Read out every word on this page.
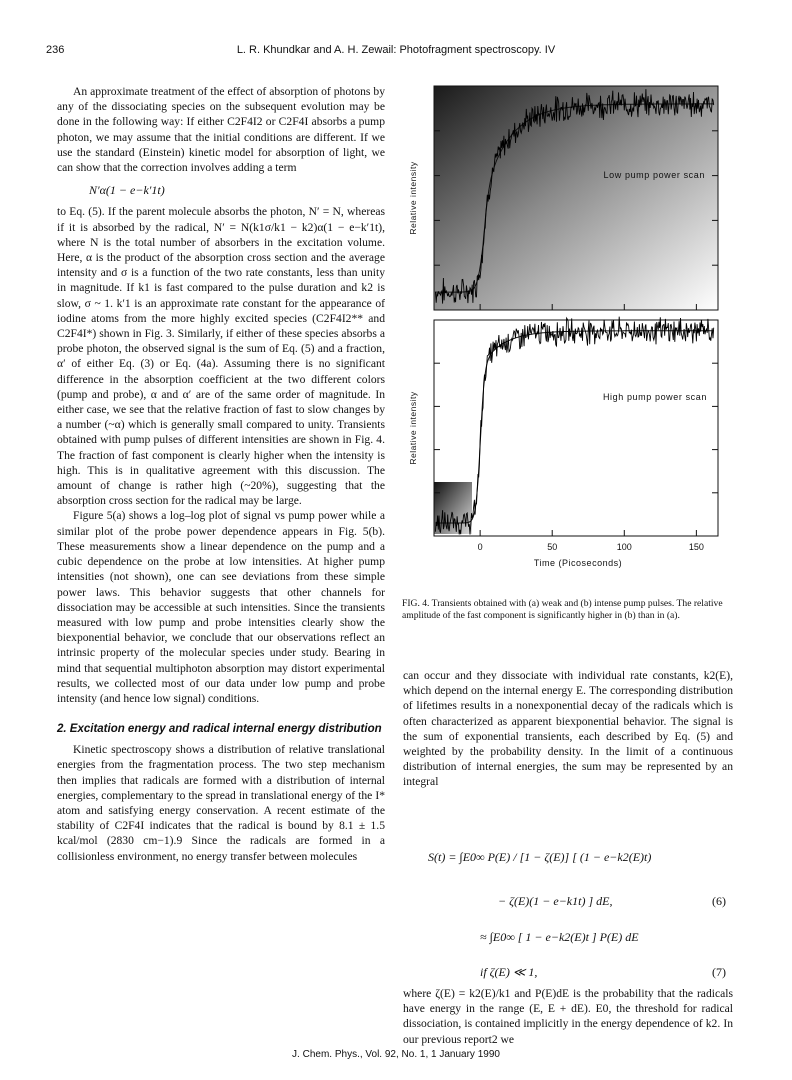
236	L. R. Khundkar and A. H. Zewail: Photofragment spectroscopy. IV

An approximate treatment of the effect of absorption of photons by any of the dissociating species on the subsequent evolution may be done in the following way: If either C2F4I2 or C2F4I absorbs a pump photon, we may assume that the initial conditions are different. If we use the standard (Einstein) kinetic model for absorption of light, we can show that the correction involves adding a term

N′α(1 − e−k′1t)

to Eq. (5). If the parent molecule absorbs the photon, N′ = N, whereas if it is absorbed by the radical, N′ = N(k1σ/k1 − k2)α(1 − e−k′1t), where N is the total number of absorbers in the excitation volume. Here, α is the product of the absorption cross section and the average intensity and σ is a function of the two rate constants, less than unity in magnitude. If k1 is fast compared to the pulse duration and k2 is slow, σ ~ 1. k′1 is an approximate rate constant for the appearance of iodine atoms from the more highly excited species (C2F4I2** and C2F4I*) shown in Fig. 3. Similarly, if either of these species absorbs a probe photon, the observed signal is the sum of Eq. (5) and a fraction, α′ of either Eq. (3) or Eq. (4a). Assuming there is no significant difference in the absorption coefficient at the two different colors (pump and probe), α and α′ are of the same order of magnitude. In either case, we see that the relative fraction of fast to slow changes by a number (~α) which is generally small compared to unity. Transients obtained with pump pulses of different intensities are shown in Fig. 4. The fraction of fast component is clearly higher when the intensity is high. This is in qualitative agreement with this discussion. The amount of change is rather high (~20%), suggesting that the absorption cross section for the radical may be large.

Figure 5(a) shows a log–log plot of signal vs pump power while a similar plot of the probe power dependence appears in Fig. 5(b). These measurements show a linear dependence on the pump and a cubic dependence on the probe at low intensities. At higher pump intensities (not shown), one can see deviations from these simple power laws. This behavior suggests that other channels for dissociation may be accessible at such intensities. Since the transients measured with low pump and probe intensities clearly show the biexponential behavior, we conclude that our observations reflect an intrinsic property of the molecular species under study. Bearing in mind that sequential multiphoton absorption may distort experimental results, we collected most of our data under low pump and probe intensity (and hence low signal) conditions.

2. Excitation energy and radical internal energy distribution

Kinetic spectroscopy shows a distribution of relative translational energies from the fragmentation process. The two step mechanism then implies that radicals are formed with a distribution of internal energies, complementary to the spread in translational energy of the I* atom and satisfying energy conservation. A recent estimate of the stability of C2F4I indicates that the radical is bound by 8.1 ± 1.5 kcal/mol (2830 cm−1).9 Since the radicals are formed in a collisionless environment, no energy transfer between molecules

Low pump power scan
High pump power scan
Relative intensity
Relative intensity
0	50	100	150
Time (Picoseconds)
FIG. 4. Transients obtained with (a) weak and (b) intense pump pulses. The relative amplitude of the fast component is significantly higher in (b) than in (a).

can occur and they dissociate with individual rate constants, k2(E), which depend on the internal energy E. The corresponding distribution of lifetimes results in a nonexponential decay of the radicals which is often characterized as apparent biexponential behavior. The signal is the sum of exponential transients, each described by Eq. (5) and weighted by the probability density. In the limit of a continuous distribution of internal energies, the sum may be represented by an integral

S(t) = ∫E0∞ P(E) / [1 − ζ(E)] [ (1 − e−k2(E)t)
− ζ(E)(1 − e−k1t) ] dE,	(6)
≈ ∫E0∞ [ 1 − e−k2(E)t ] P(E) dE
if ζ(E) ≪ 1,	(7)

where ζ(E) = k2(E)/k1 and P(E)dE is the probability that the radicals have energy in the range (E, E + dE). E0, the threshold for radical dissociation, is contained implicitly in the energy dependence of k2. In our previous report2 we

J. Chem. Phys., Vol. 92, No. 1, 1 January 1990
